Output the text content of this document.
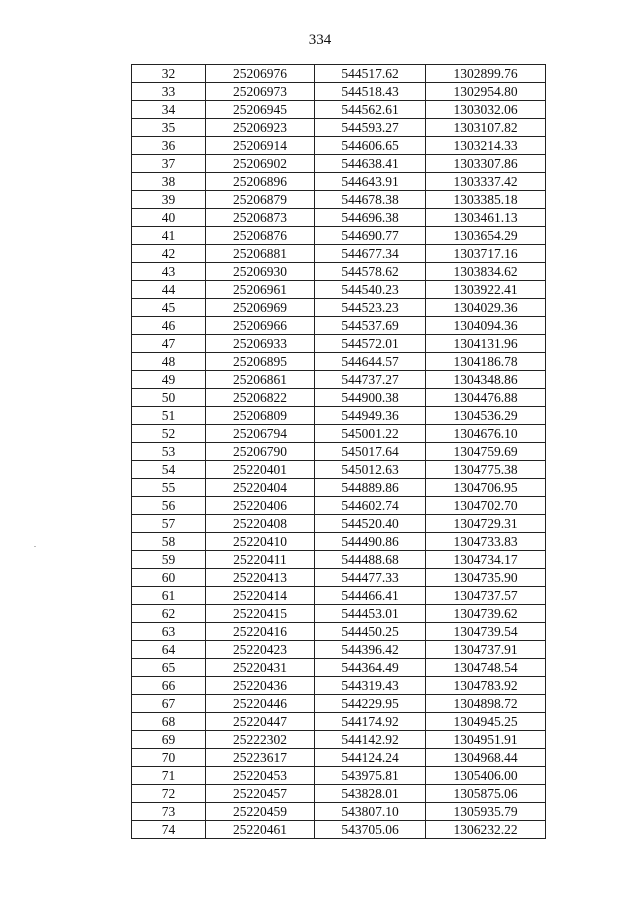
334
32	25206976	544517.62	1302899.76
33	25206973	544518.43	1302954.80
34	25206945	544562.61	1303032.06
35	25206923	544593.27	1303107.82
36	25206914	544606.65	1303214.33
37	25206902	544638.41	1303307.86
38	25206896	544643.91	1303337.42
39	25206879	544678.38	1303385.18
40	25206873	544696.38	1303461.13
41	25206876	544690.77	1303654.29
42	25206881	544677.34	1303717.16
43	25206930	544578.62	1303834.62
44	25206961	544540.23	1303922.41
45	25206969	544523.23	1304029.36
46	25206966	544537.69	1304094.36
47	25206933	544572.01	1304131.96
48	25206895	544644.57	1304186.78
49	25206861	544737.27	1304348.86
50	25206822	544900.38	1304476.88
51	25206809	544949.36	1304536.29
52	25206794	545001.22	1304676.10
53	25206790	545017.64	1304759.69
54	25220401	545012.63	1304775.38
55	25220404	544889.86	1304706.95
56	25220406	544602.74	1304702.70
57	25220408	544520.40	1304729.31
58	25220410	544490.86	1304733.83
59	25220411	544488.68	1304734.17
60	25220413	544477.33	1304735.90
61	25220414	544466.41	1304737.57
62	25220415	544453.01	1304739.62
63	25220416	544450.25	1304739.54
64	25220423	544396.42	1304737.91
65	25220431	544364.49	1304748.54
66	25220436	544319.43	1304783.92
67	25220446	544229.95	1304898.72
68	25220447	544174.92	1304945.25
69	25222302	544142.92	1304951.91
70	25223617	544124.24	1304968.44
71	25220453	543975.81	1305406.00
72	25220457	543828.01	1305875.06
73	25220459	543807.10	1305935.79
74	25220461	543705.06	1306232.22
